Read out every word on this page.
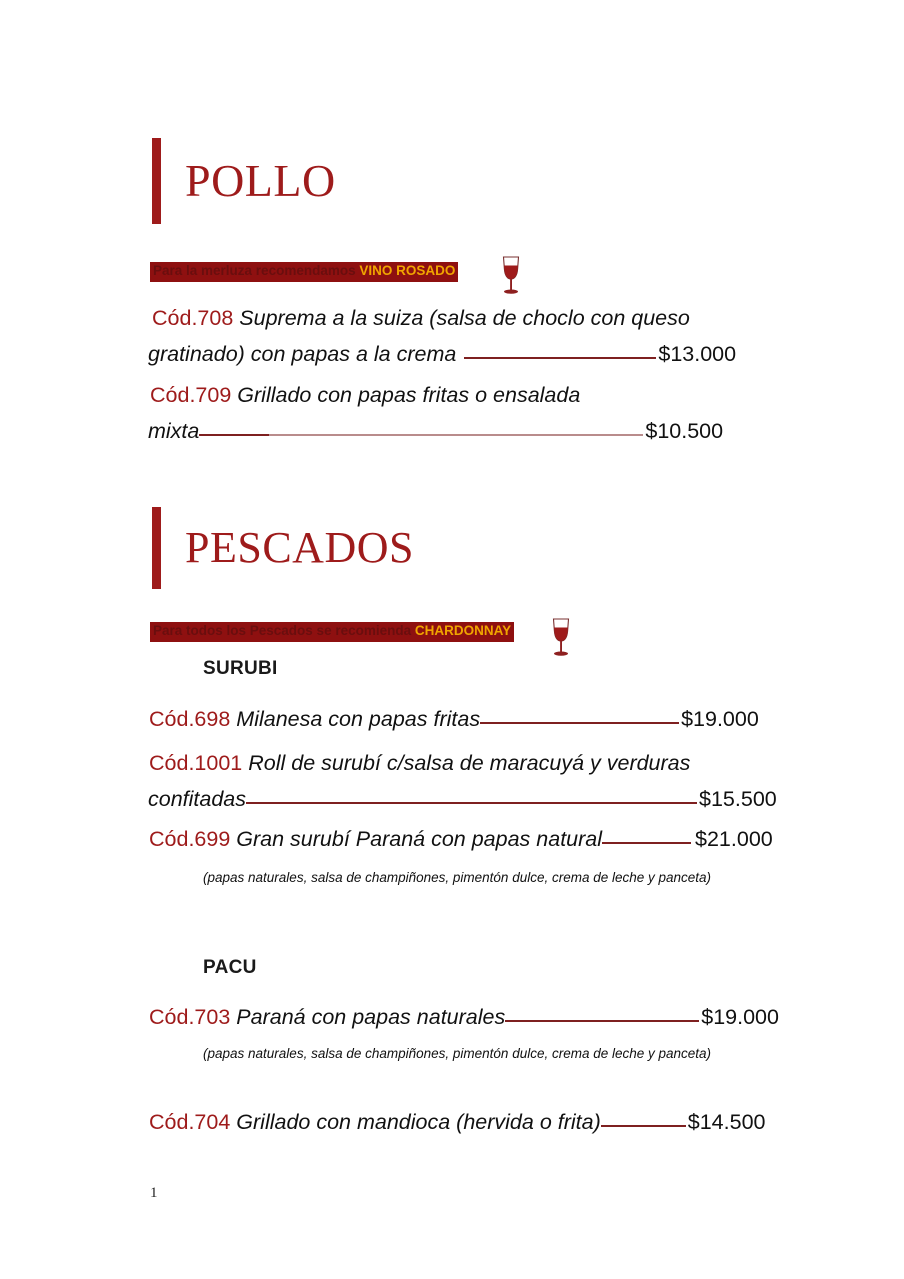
POLLO
Para la merluza recomendamos VINO ROSADO
Cód.708 Suprema a la suiza (salsa de choclo con queso
gratinado) con papas a la crema	$13.000
Cód.709 Grillado con papas fritas o ensalada
mixta	$10.500
PESCADOS
Para todos los Pescados se recomienda CHARDONNAY
SURUBI
Cód.698 Milanesa con papas fritas	$19.000
Cód.1001 Roll de surubí c/salsa de maracuyá y verduras
confitadas	$15.500
Cód.699 Gran surubí Paraná con papas natural	$21.000
(papas naturales, salsa de champiñones, pimentón dulce, crema de leche y panceta)
PACU
Cód.703 Paraná con papas naturales	$19.000
(papas naturales, salsa de champiñones, pimentón dulce, crema de leche y panceta)
Cód.704 Grillado con mandioca (hervida o frita)	$14.500
1
